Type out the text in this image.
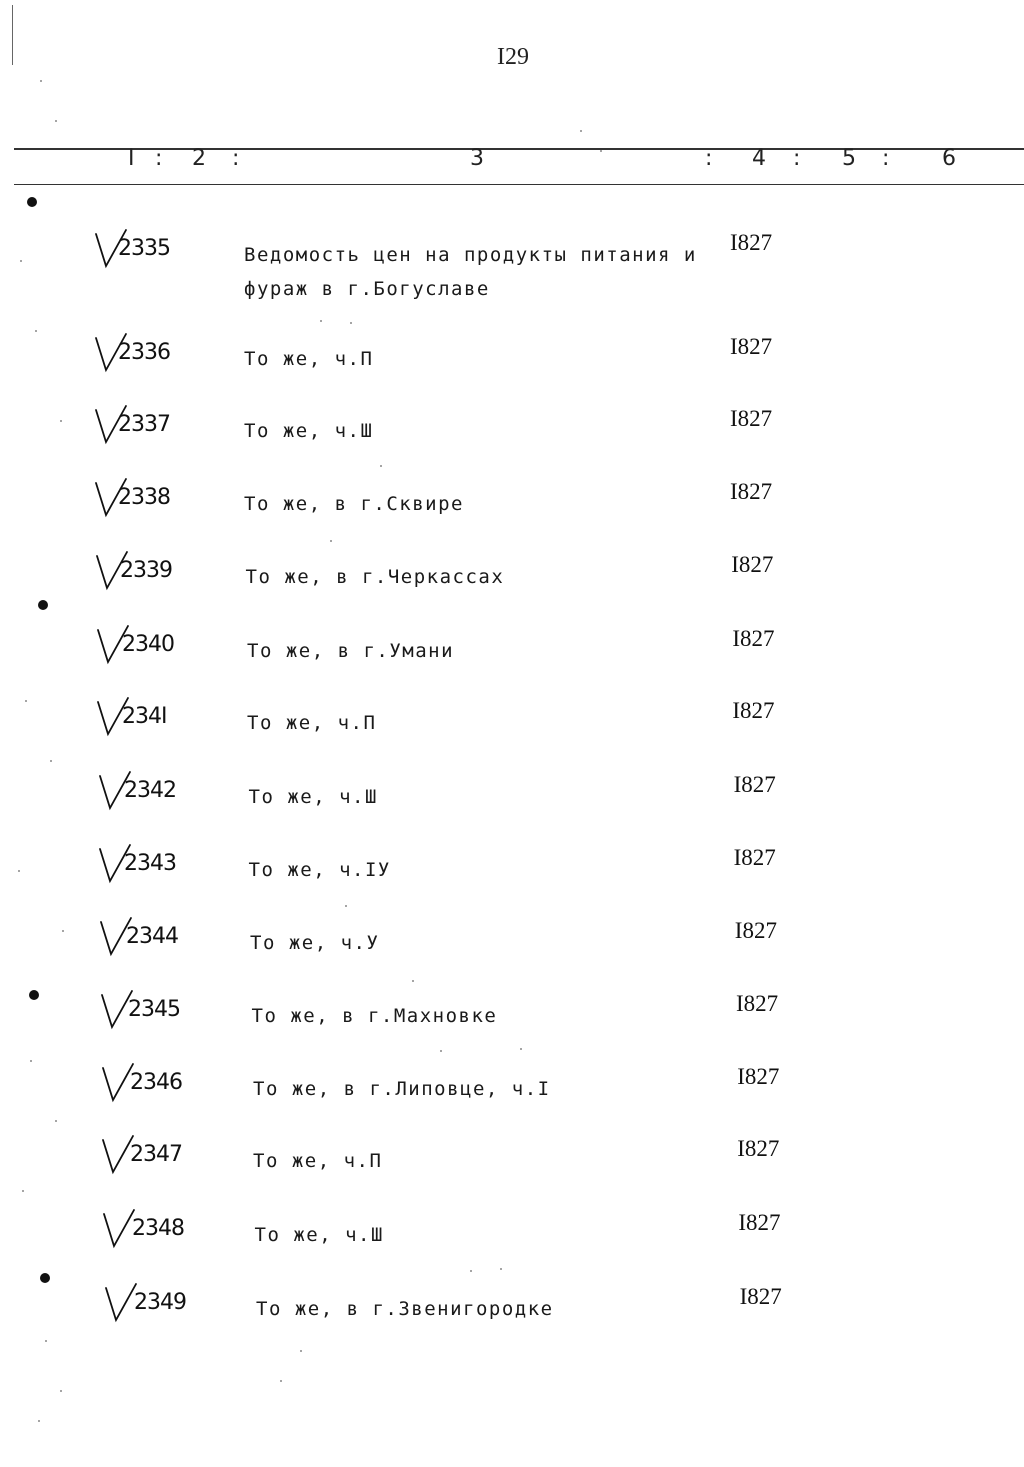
I29
I : 2 :	3	: 4 : 5 : 6
2335	Ведомость цен на продукты питания и
фураж в г.Богуславе
I827
2336	То же, ч.П	I827
2337	То же, ч.Ш	I827
2338	То же, в г.Сквире	I827
2339	То же, в г.Черкассах	I827
2340	То же, в г.Умани	I827
234I	То же, ч.П	I827
2342	То же, ч.Ш	I827
2343	То же, ч.IУ	I827
2344	То же, ч.У	I827
2345	То же, в г.Махновке	I827
2346	То же, в г.Липовце, ч.I	I827
2347	То же, ч.П	I827
2348	То же, ч.Ш	I827
2349	То же, в г.Звенигородке	I827
